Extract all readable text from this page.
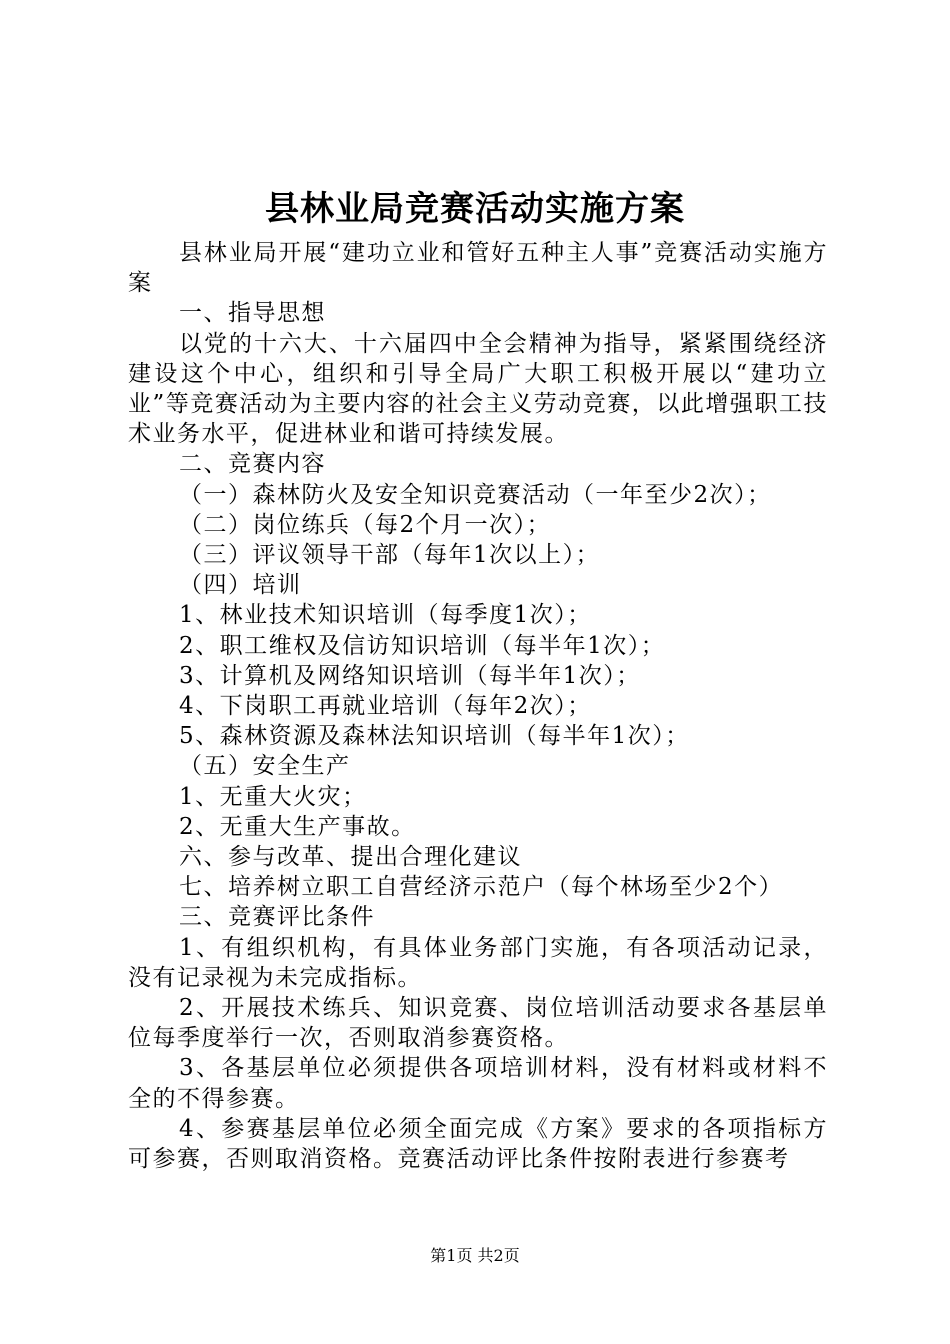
县林业局竞赛活动实施方案

县林业局开展“建功立业和管好五种主人事”竞赛活动实施方案

一、指导思想

以党的十六大、十六届四中全会精神为指导，紧紧围绕经济建设这个中心，组织和引导全局广大职工积极开展以“建功立业”等竞赛活动为主要内容的社会主义劳动竞赛，以此增强职工技术业务水平，促进林业和谐可持续发展。

二、竞赛内容

（一）森林防火及安全知识竞赛活动（一年至少2次）；

（二）岗位练兵（每2个月一次）；

（三）评议领导干部（每年1次以上）；

（四）培训

1、林业技术知识培训（每季度1次）；

2、职工维权及信访知识培训（每半年1次）；

3、计算机及网络知识培训（每半年1次）；

4、下岗职工再就业培训（每年2次）；

5、森林资源及森林法知识培训（每半年1次）；

（五）安全生产

1、无重大火灾；

2、无重大生产事故。

六、参与改革、提出合理化建议

七、培养树立职工自营经济示范户（每个林场至少2个）

三、竞赛评比条件

1、有组织机构，有具体业务部门实施，有各项活动记录，没有记录视为未完成指标。

2、开展技术练兵、知识竞赛、岗位培训活动要求各基层单位每季度举行一次，否则取消参赛资格。

3、各基层单位必须提供各项培训材料，没有材料或材料不全的不得参赛。

4、参赛基层单位必须全面完成《方案》要求的各项指标方可参赛，否则取消资格。竞赛活动评比条件按附表进行参赛考

第1页 共2页
